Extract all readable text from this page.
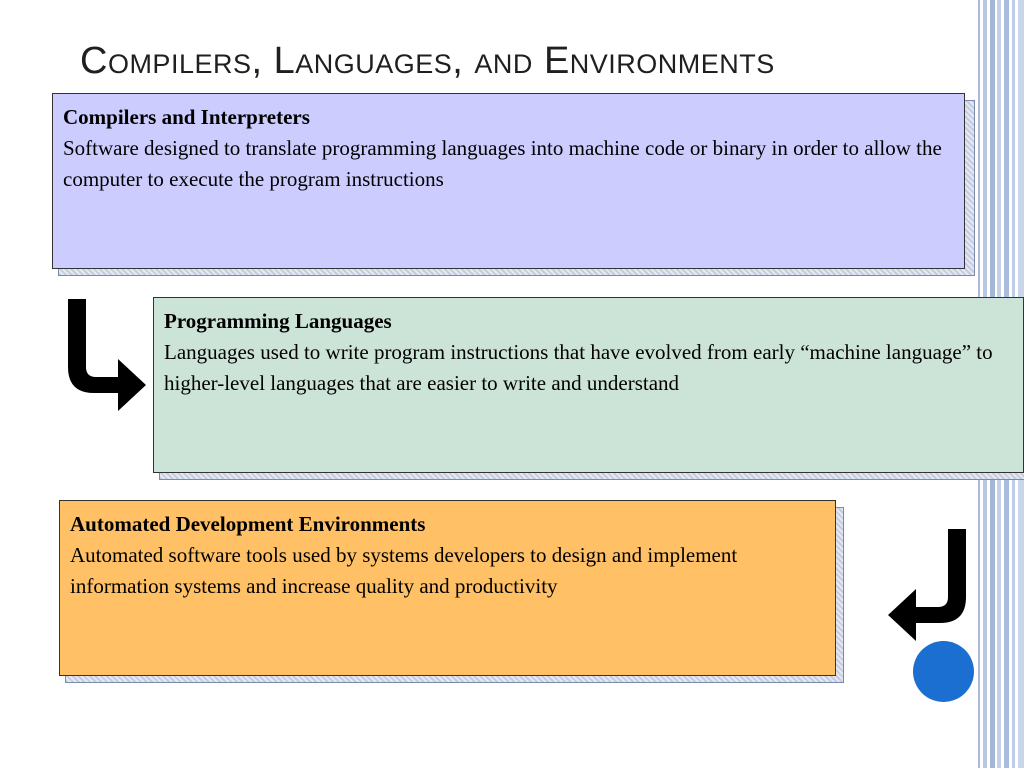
Compilers, Languages, and Environments
Compilers and Interpreters
Software designed to translate programming languages into machine code or binary in order to allow the computer to execute the program instructions
Programming Languages
Languages used to write program instructions that have evolved from early “machine language” to higher-level languages that are easier to write and understand
Automated Development Environments
Automated software tools used by systems developers to design and implement information systems and increase quality and productivity
